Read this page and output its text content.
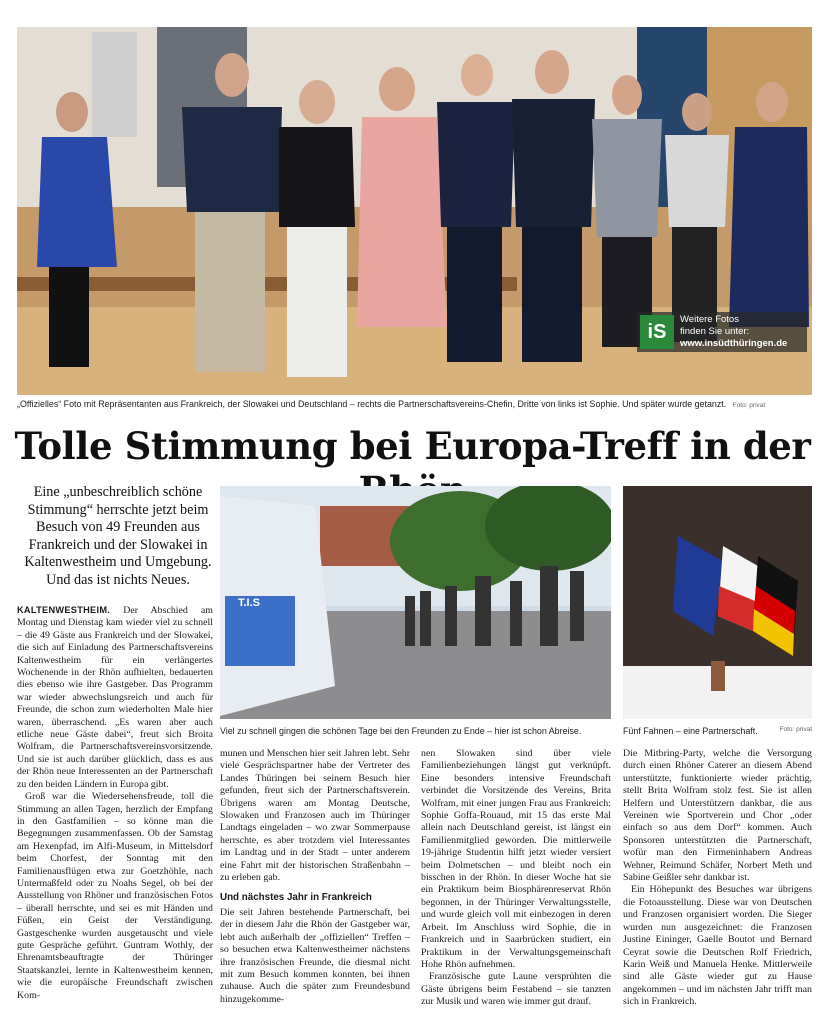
iS
Weitere Fotos
finden Sie unter:
www.insüdthüringen.de
„Offizielles“ Foto mit Repräsentanten aus Frankreich, der Slowakei und Deutschland – rechts die Partnerschaftsvereins-Chefin, Dritte von links ist Sophie. Und später wurde getanzt. Foto: privat
Tolle Stimmung bei Europa-Treff in der
Eine „unbeschreiblich schöne Stimmung“ herrschte jetzt beim Besuch von 49 Freunden aus Frankreich und der Slowakei in Kaltenwestheim und Umgebung. Und das ist nichts Neues.
T.I.S
Viel zu schnell gingen die schönen Tage bei den Freunden zu Ende – hier ist schon Abreise.	Fünf Fahnen – eine Partnerschaft.	Foto: privat

KALTENWESTHEIM. Der Abschied am Montag und Dienstag kam wieder viel zu schnell – die 49 Gäste aus Frankreich und der Slowakei, die sich auf Einladung des Partnerschaftsvereins Kaltenwestheim für ein verlängertes Wochenende in der Rhön aufhielten, bedauerten dies ebenso wie ihre Gastgeber. Das Programm war wieder abwechslungsreich und auch für Freunde, die schon zum wiederholten Male hier waren, überraschend. „Es waren aber auch etliche neue Gäste dabei“, freut sich Broita Wolfram, die Partnerschaftsvereinsvorsitzende. Und sie ist auch darüber glücklich, dass es aus der Rhön neue Interessenten an der Partnerschaft zu den beiden Ländern in Europa gibt.

Groß war die Wiedersehensfreude, toll die Stimmung an allen Tagen, herzlich der Empfang in den Gastfamilien – so könne man die Begegnungen zusammenfassen. Ob der Samstag am Hexenpfad, im Alfi-Museum, in Mittelsdorf beim Chorfest, der Sonntag mit den Familienausflügen etwa zur Goetzhöhle, nach Untermaßfeld oder zu Noahs Segel, ob bei der Ausstellung von Rhöner und französischen Fotos – überall herrschte, und sei es mit Händen und Füßen, ein Geist der Verständigung. Gastgeschenke wurden ausgetauscht und viele gute Gespräche geführt. Guntram Wothly, der Ehrenamtsbeauftragte der Thüringer Staatskanzlei, lernte in Kaltenwestheim kennen, wie die europäische Freundschaft zwischen Kom-

munen und Menschen hier seit Jahren lebt. Sehr viele Gesprächspartner habe der Vertreter des Landes Thüringen bei seinem Besuch hier gefunden, freut sich der Partnerschaftsverein. Übrigens waren am Montag Deutsche, Slowaken und Franzosen auch im Thüringer Landtags eingeladen – wo zwar Sommerpause herrschte, es aber trotzdem viel Interessantes im Landtag und in der Stadt – unter anderem eine Fahrt mit der historischen Straßenbahn – zu erleben gab.

Und nächstes Jahr in Frankreich

Die seit Jahren bestehende Partnerschaft, bei der in diesem Jahr die Rhön der Gastgeber war, lebt auch außerhalb der „offiziellen“ Treffen – so besuchen etwa Kaltenwestheimer nächstens ihre französischen Freunde, die diesmal nicht mit zum Besuch kommen konnten, bei ihnen zuhause. Auch die später zum Freundesbund hinzugekomme-

nen Slowaken sind über viele Familienbeziehungen längst gut verknüpft. Eine besonders intensive Freundschaft verbindet die Vorsitzende des Vereins, Brita Wolfram, mit einer jungen Frau aus Frankreich: Sophie Goffa-Rouaud, mit 15 das erste Mal allein nach Deutschland gereist, ist längst ein Familienmitglied geworden. Die mittlerweile 19-jährige Studentin hilft jetzt wieder versiert beim Dolmetschen – und bleibt noch ein bisschen in der Rhön. In dieser Woche hat sie ein Praktikum beim Biosphärenreservat Rhön begonnen, in der Thüringer Verwaltungsstelle, und wurde gleich voll mit einbezogen in deren Arbeit. Im Anschluss wird Sophie, die in Frankreich und in Saarbrücken studiert, ein Praktikum in der Verwaltungsgemeinschaft Hohe Rhön aufnehmen.

Französische gute Laune versprühten die Gäste übrigens beim Festabend – sie tanzten zur Musik und waren wie immer gut drauf.

Die Mitbring-Party, welche die Versorgung durch einen Rhöner Caterer an diesem Abend unterstützte, funktionierte wieder prächtig, stellt Brita Wolfram stolz fest. Sie ist allen Helfern und Unterstützern dankbar, die aus Vereinen wie Sportverein und Chor „oder einfach so aus dem Dorf“ kommen. Auch Sponsoren unterstützten die Partnerschaft, wofür man den Firmeninhabern Andreas Wehner, Reimund Schäfer, Norbert Meth und Sabine Geißler sehr dankbar ist.

Ein Höhepunkt des Besuches war übrigens die Fotoausstellung. Diese war von Deutschen und Franzosen organisiert worden. Die Sieger wurden nun ausgezeichnet: die Franzosen Justine Eininger, Gaelle Boutot und Bernard Ceyrat sowie die Deutschen Rolf Friedrich, Karin Weiß und Manuela Henke. Mittlerweile sind alle Gäste wieder gut zu Hause angekommen – und im nächsten Jahr trifft man sich in Frankreich.
